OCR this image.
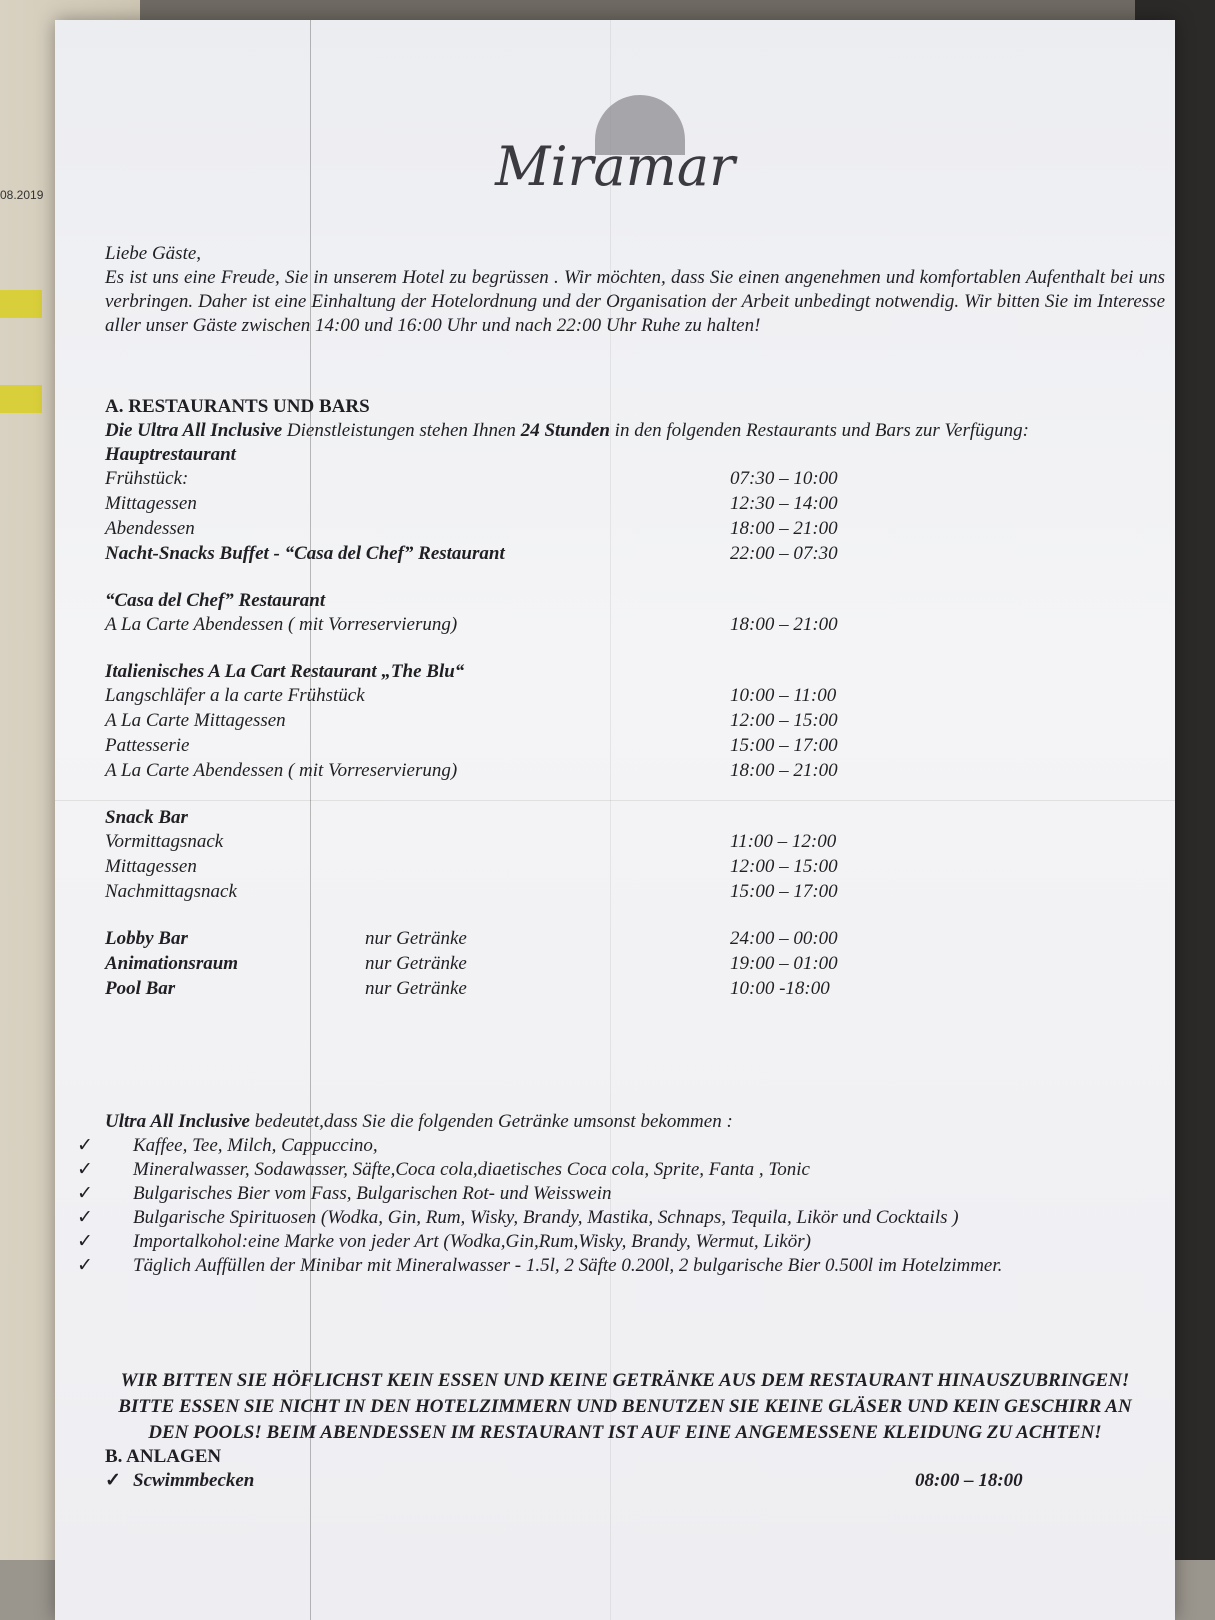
08.2019	Miramar
Liebe Gäste,
Es ist uns eine Freude, Sie in unserem Hotel zu begrüssen . Wir möchten, dass Sie einen angenehmen und komfortablen Aufenthalt bei uns verbringen. Daher ist eine Einhaltung der Hotelordnung und der Organisation der Arbeit unbedingt notwendig. Wir bitten Sie im Interesse aller unser Gäste zwischen 14:00 und 16:00 Uhr und nach 22:00 Uhr Ruhe zu halten!
A. RESTAURANTS UND BARS
Die Ultra All Inclusive Dienstleistungen stehen Ihnen 24 Stunden in den folgenden Restaurants und Bars zur Verfügung:
Hauptrestaurant
Frühstück:	07:30 – 10:00
Mittagessen	12:30 – 14:00
Abendessen	18:00 – 21:00
Nacht-Snacks Buffet - “Casa del Chef” Restaurant	22:00 – 07:30
“Casa del Chef” Restaurant
A La Carte Abendessen ( mit Vorreservierung)	18:00 – 21:00
Italienisches A La Cart Restaurant „The Blu“
Langschläfer a la carte Frühstück	10:00 – 11:00
A La Carte Mittagessen	12:00 – 15:00
Pattesserie	15:00 – 17:00
A La Carte Abendessen ( mit Vorreservierung)	18:00 – 21:00
Snack Bar
Vormittagsnack	11:00 – 12:00
Mittagessen	12:00 – 15:00
Nachmittagsnack	15:00 – 17:00
Lobby Bar	nur Getränke	24:00 – 00:00
Animationsraum	nur Getränke	19:00 – 01:00
Pool Bar	nur Getränke	10:00 -18:00
Ultra All Inclusive bedeutet,dass Sie die folgenden Getränke umsonst bekommen :
✓ Kaffee, Tee, Milch, Cappuccino,
✓ Mineralwasser, Sodawasser, Säfte,Coca cola,diaetisches Coca cola, Sprite, Fanta , Tonic
✓ Bulgarisches Bier vom Fass, Bulgarischen Rot- und Weisswein
✓ Bulgarische Spirituosen (Wodka, Gin, Rum, Wisky, Brandy, Mastika, Schnaps, Tequila, Likör und Cocktails )
✓ Importalkohol:eine Marke von jeder Art (Wodka,Gin,Rum,Wisky, Brandy, Wermut, Likör)
✓ Täglich Auffüllen der Minibar mit Mineralwasser - 1.5l, 2 Säfte 0.200l, 2 bulgarische Bier 0.500l im Hotelzimmer.
WIR BITTEN SIE HÖFLICHST KEIN ESSEN UND KEINE GETRÄNKE AUS DEM RESTAURANT HINAUSZUBRINGEN! BITTE ESSEN SIE NICHT IN DEN HOTELZIMMERN UND BENUTZEN SIE KEINE GLÄSER UND KEIN GESCHIRR AN DEN POOLS! BEIM ABENDESSEN IM RESTAURANT IST AUF EINE ANGEMESSENE KLEIDUNG ZU ACHTEN!
B. ANLAGEN
✓ Scwimmbecken	08:00 – 18:00
